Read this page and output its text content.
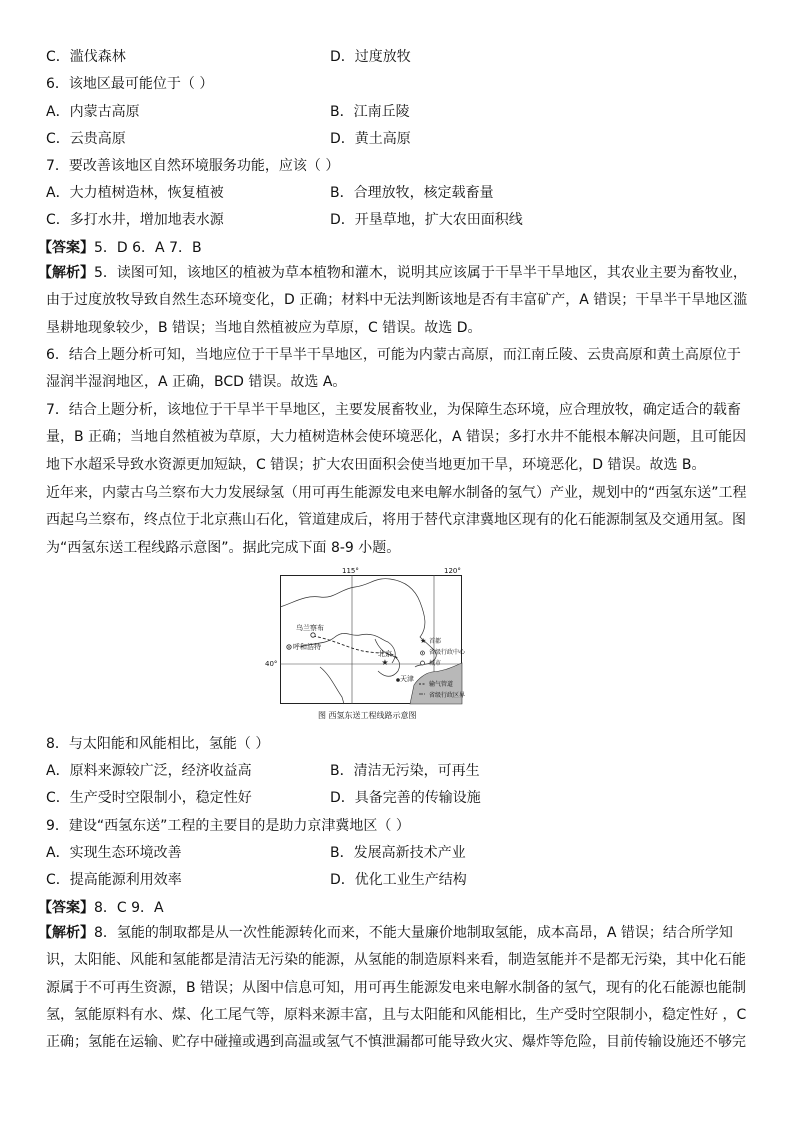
C．滥伐森林	D．过度放牧
6．该地区最可能位于（ ）
A．内蒙古高原	B．江南丘陵
C．云贵高原	D．黄土高原
7．要改善该地区自然环境服务功能，应该（ ）
A．大力植树造林，恢复植被	B．合理放牧，核定载畜量
C．多打水井，增加地表水源	D．开垦草地，扩大农田面积线
【答案】5．D 6．A 7．B
【解析】5．读图可知，该地区的植被为草本植物和灌木，说明其应该属于干旱半干旱地区，其农业主要为畜牧业，
由于过度放牧导致自然生态环境变化，D 正确；材料中无法判断该地是否有丰富矿产，A 错误；干旱半干旱地区滥
垦耕地现象较少，B 错误；当地自然植被应为草原，C 错误。故选 D。
6．结合上题分析可知，当地应位于干旱半干旱地区，可能为内蒙古高原，而江南丘陵、云贵高原和黄土高原位于
湿润半湿润地区，A 正确，BCD 错误。故选 A。
7．结合上题分析，该地位于干旱半干旱地区，主要发展畜牧业，为保障生态环境，应合理放牧，确定适合的载畜
量，B 正确；当地自然植被为草原，大力植树造林会使环境恶化，A 错误；多打水井不能根本解决问题，且可能因
地下水超采导致水资源更加短缺，C 错误；扩大农田面积会使当地更加干旱，环境恶化，D 错误。故选 B。
近年来，内蒙古乌兰察布大力发展绿氢（用可再生能源发电来电解水制备的氢气）产业，规划中的“西氢东送”工程
西起乌兰察布，终点位于北京燕山石化，管道建成后，将用于替代京津冀地区现有的化石能源制氢及交通用氢。图
为“西氢东送工程线路示意图”。据此完成下面 8-9 小题。
★
★
115°	120°
40°
乌兰察布
呼和浩特
北京
天津
首都
省级行政中心
城市
输气管道
省级行政区界
图 西氢东送工程线路示意图
8．与太阳能和风能相比，氢能（ ）
A．原料来源较广泛，经济收益高	B．清洁无污染，可再生
C．生产受时空限制小，稳定性好	D．具备完善的传输设施
9．建设“西氢东送”工程的主要目的是助力京津冀地区（ ）
A．实现生态环境改善	B．发展高新技术产业
C．提高能源利用效率	D．优化工业生产结构
【答案】8．C 9．A
【解析】8．氢能的制取都是从一次性能源转化而来，不能大量廉价地制取氢能，成本高昂，A 错误；结合所学知
识，太阳能、风能和氢能都是清洁无污染的能源，从氢能的制造原料来看，制造氢能并不是都无污染，其中化石能
源属于不可再生资源，B 错误；从图中信息可知，用可再生能源发电来电解水制备的氢气，现有的化石能源也能制
氢，氢能原料有水、煤、化工尾气等，原料来源丰富，且与太阳能和风能相比，生产受时空限制小，稳定性好 ，C
正确；氢能在运输、贮存中碰撞或遇到高温或氢气不慎泄漏都可能导致火灾、爆炸等危险，目前传输设施还不够完
